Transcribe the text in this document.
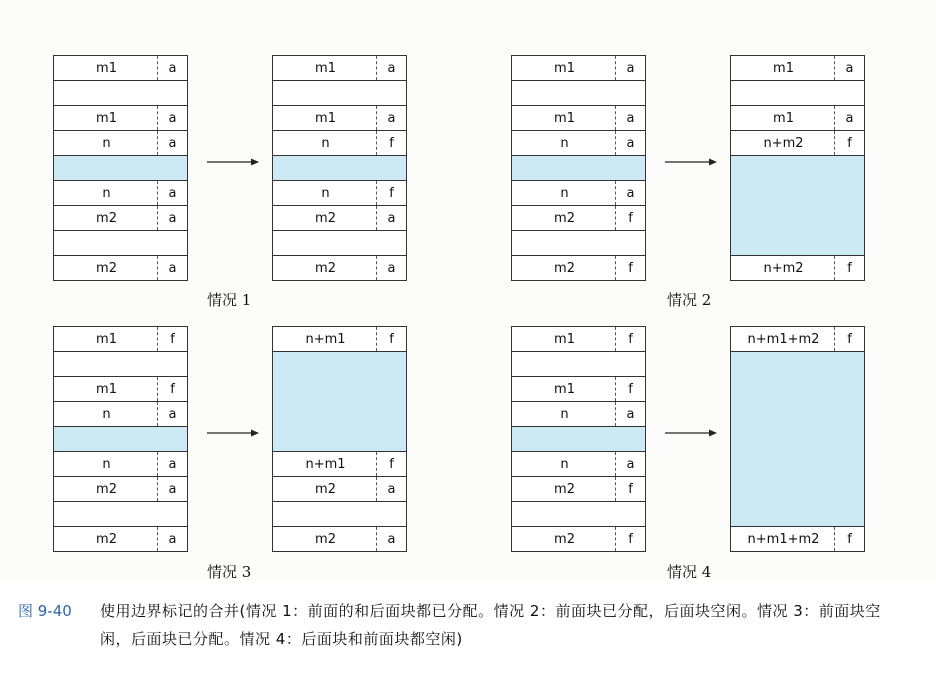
m1	a
m1	a
n	a
n	a
m2	a
m2	a
m1	a
m1	a
n	f
n	f
m2	a
m2	a
m1	a
m1	a
n	a
n	a
m2	f
m2	f
m1	a
m1	a
n+m2	f
n+m2	f
m1	f
m1	f
n	a
n	a
m2	a
m2	a
n+m1	f
n+m1	f
m2	a
m2	a
m1	f
m1	f
n	a
n	a
m2	f
m2	f
n+m1+m2	f
n+m1+m2	f
情况 1	情况 2
情况 3	情况 4
图 9-40 使用边界标记的合并(情况 1：前面的和后面块都已分配。情况 2：前面块已分配，后面块空闲。情况 3：前面块空闲，后面块已分配。情况 4：后面块和前面块都空闲)
